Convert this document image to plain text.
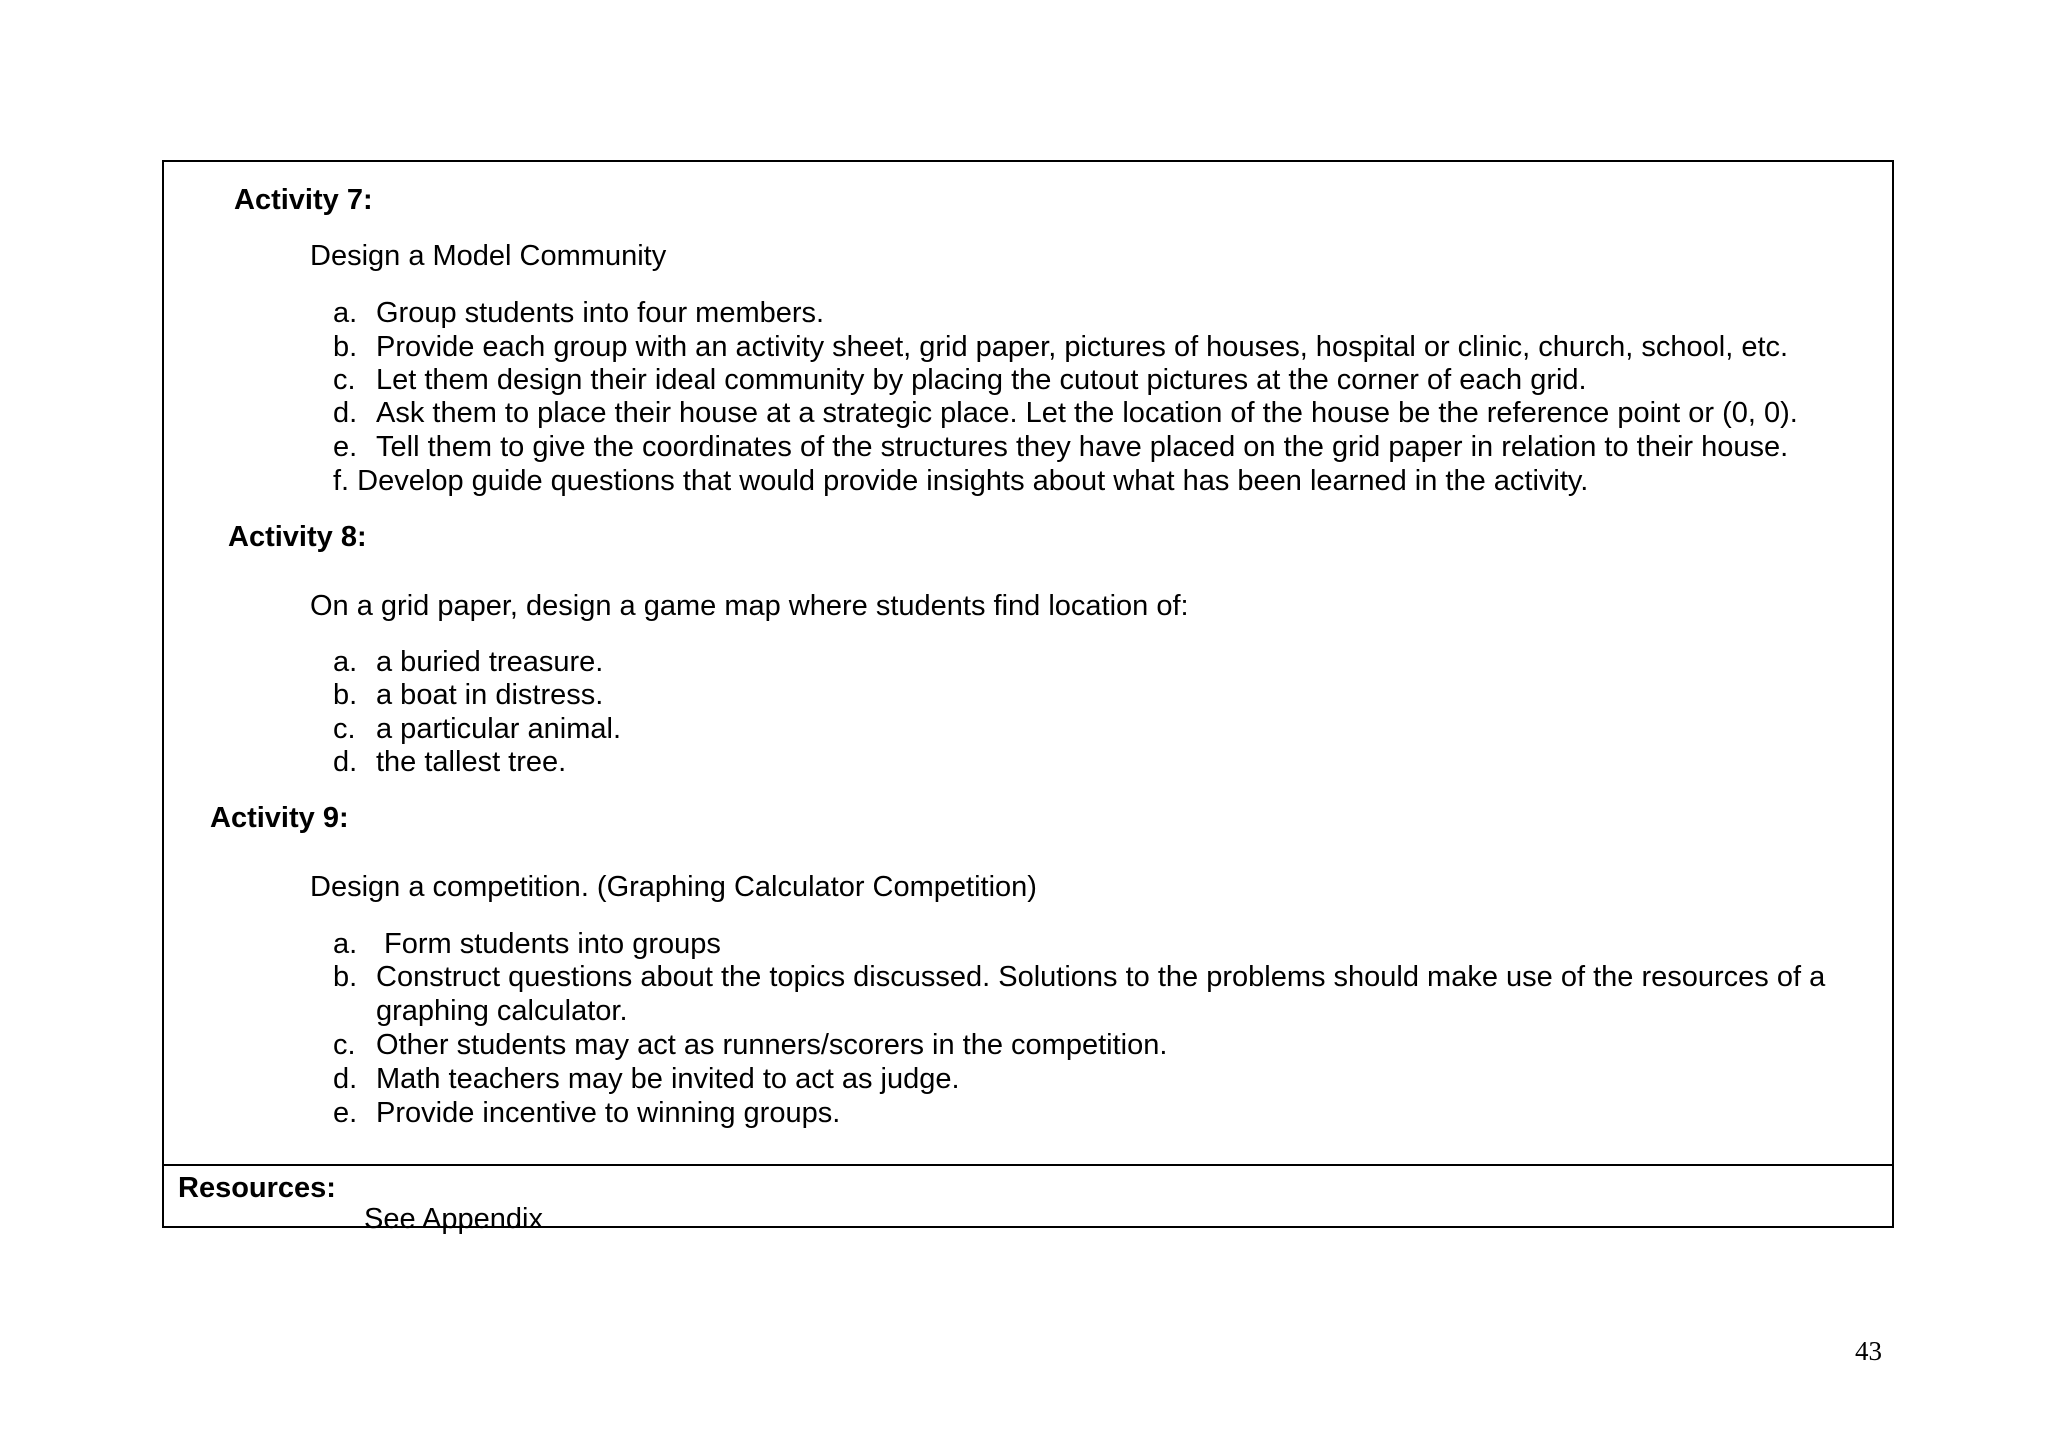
Activity 7:
Design a Model Community
a. Group students into four members.
b. Provide each group with an activity sheet, grid paper, pictures of houses, hospital or clinic, church, school, etc.
c. Let them design their ideal community by placing the cutout pictures at the corner of each grid.
d. Ask them to place their house at a strategic place. Let the location of the house be the reference point or (0, 0).
e. Tell them to give the coordinates of the structures they have placed on the grid paper in relation to their house.
f. Develop guide questions that would provide insights about what has been learned in the activity.
Activity 8:
On a grid paper, design a game map where students find location of:
a. a buried treasure.
b. a boat in distress.
c. a particular animal.
d. the tallest tree.
Activity 9:
Design a competition. (Graphing Calculator Competition)
a. Form students into groups
b. Construct questions about the topics discussed. Solutions to the problems should make use of the resources of a
graphing calculator.
c. Other students may act as runners/scorers in the competition.
d. Math teachers may be invited to act as judge.
e. Provide incentive to winning groups.
Resources:
See Appendix
43
